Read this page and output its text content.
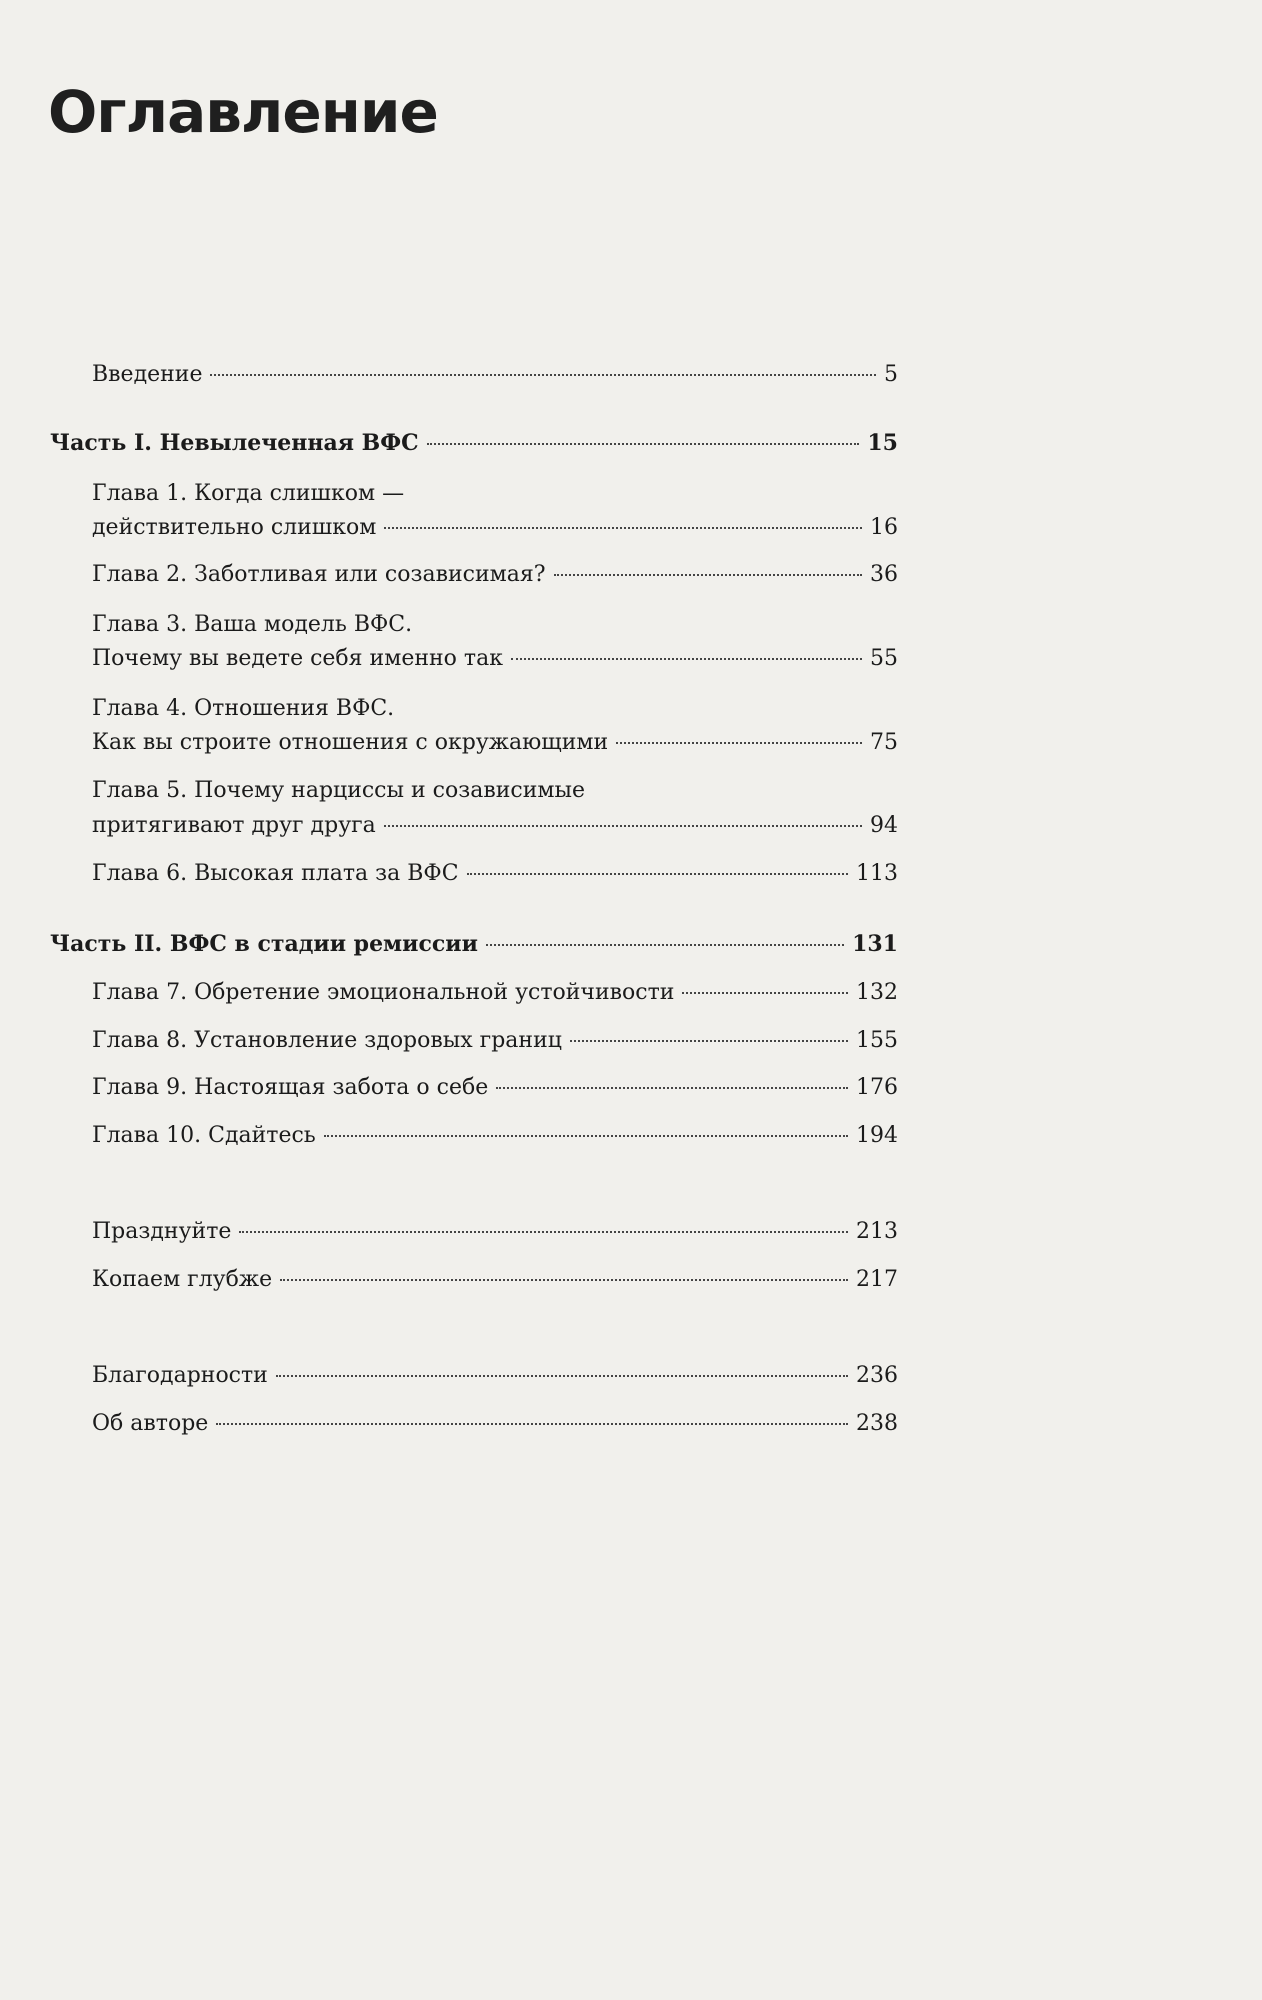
Оглавление
Введение	5
Часть I. Невылеченная ВФС	15
Глава 1. Когда слишком —
действительно слишком	16
Глава 2. Заботливая или созависимая?	36
Глава 3. Ваша модель ВФС.
Почему вы ведете себя именно так	55
Глава 4. Отношения ВФС.
Как вы строите отношения с окружающими	75
Глава 5. Почему нарциссы и созависимые
притягивают друг друга	94
Глава 6. Высокая плата за ВФС	113
Часть II. ВФС в стадии ремиссии	131
Глава 7. Обретение эмоциональной устойчивости	132
Глава 8. Установление здоровых границ	155
Глава 9. Настоящая забота о себе	176
Глава 10. Сдайтесь	194
Празднуйте	213
Копаем глубже	217
Благодарности	236
Об авторе	238
